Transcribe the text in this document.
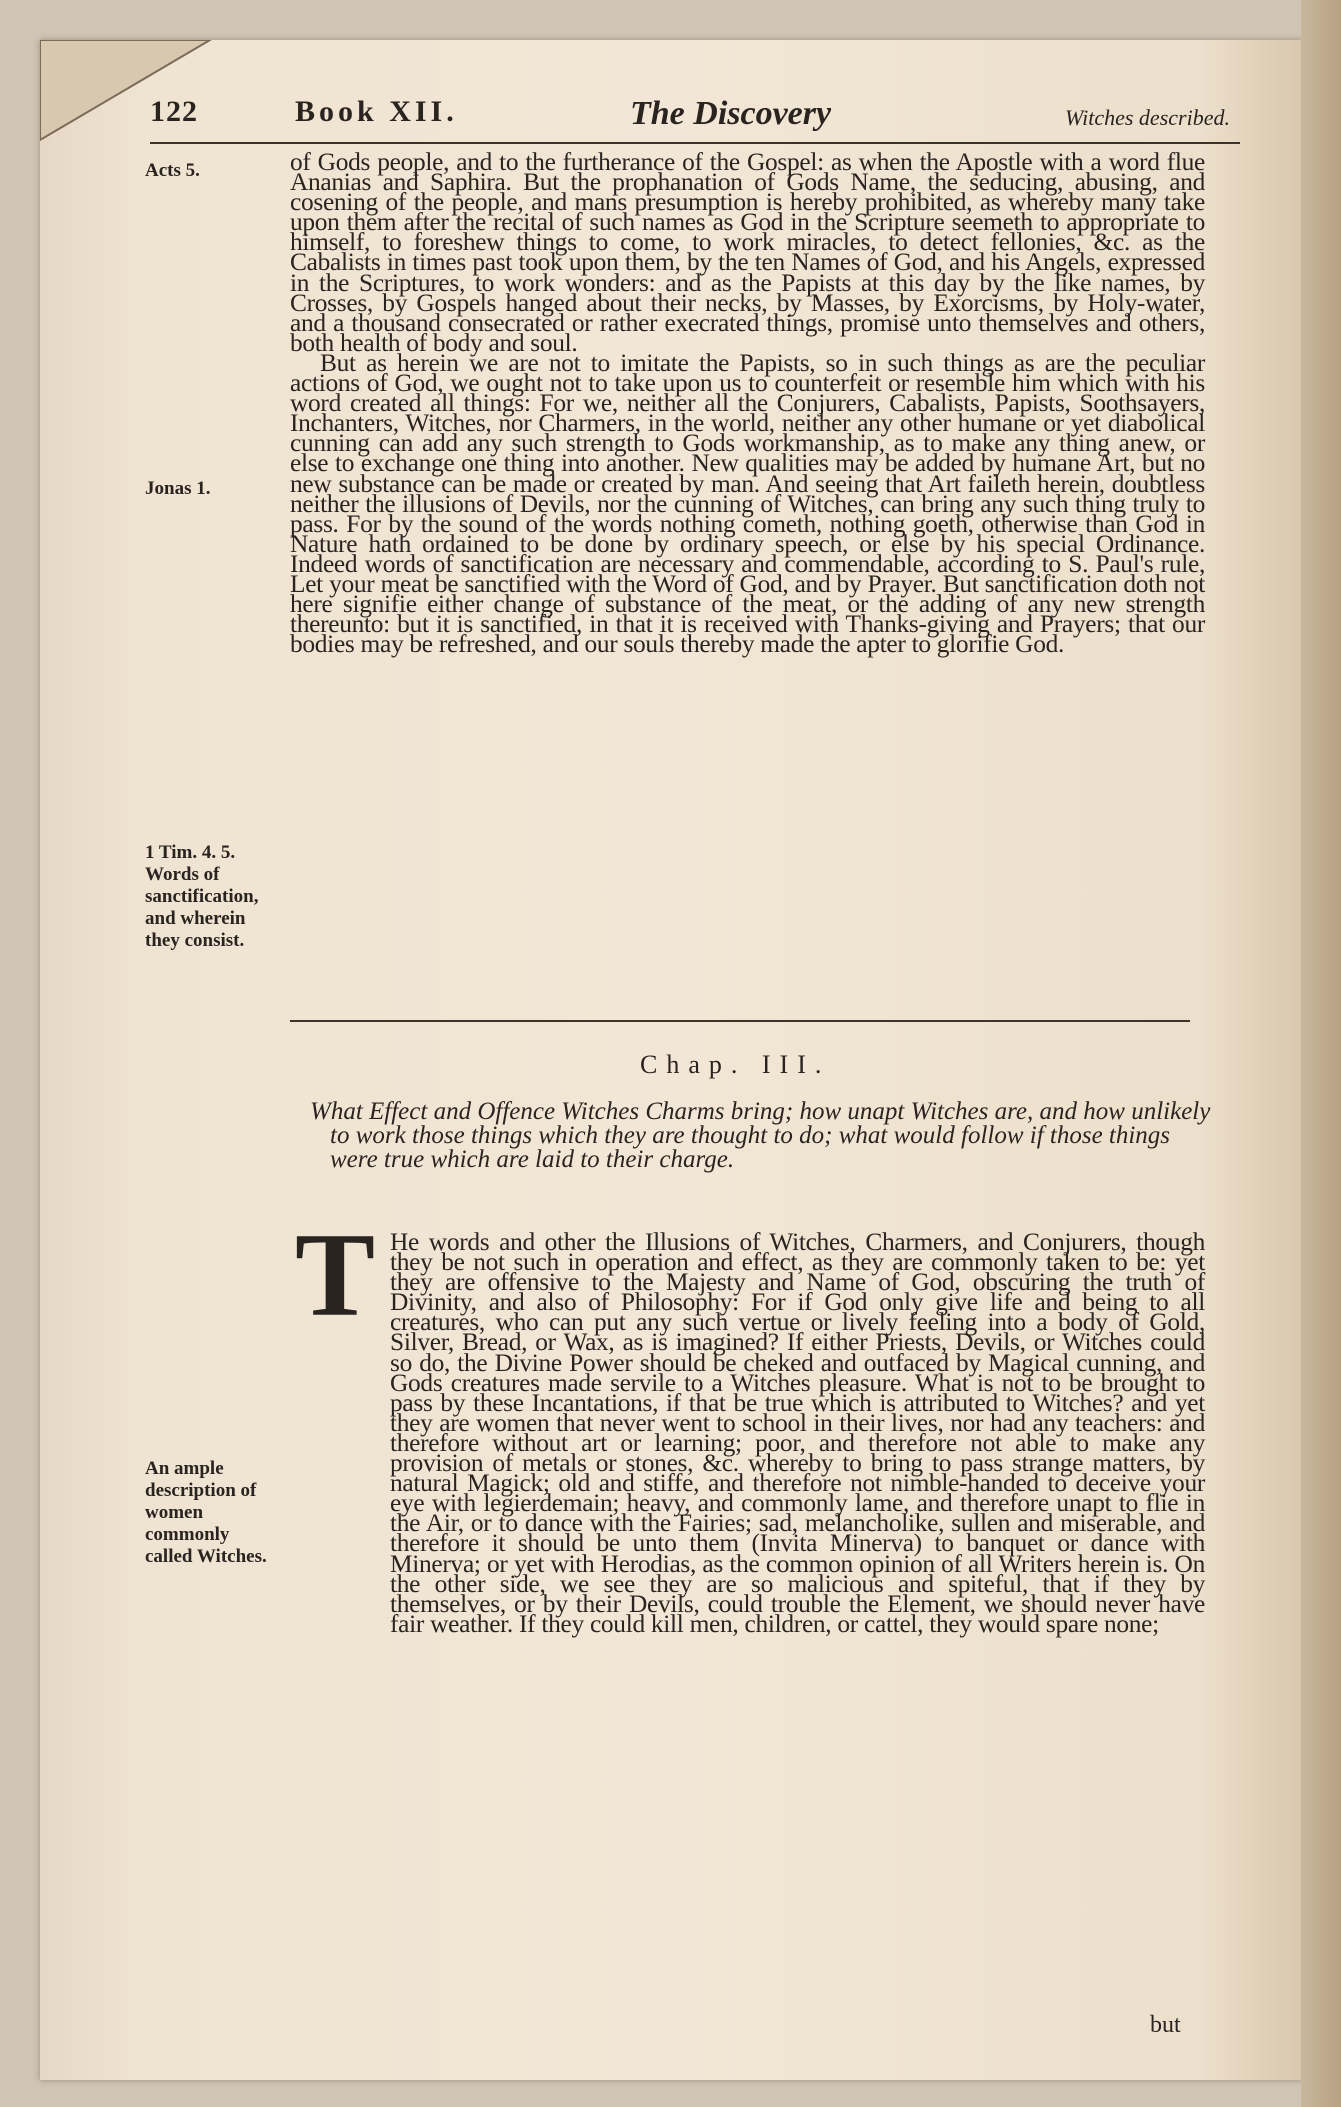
122	Book XII.	The Discovery	Witches described.
Acts 5.
Jonas 1.
1 Tim. 4. 5. Words of sanctification, and wherein they consist.
An ample description of women commonly called Witches.

of Gods people, and to the furtherance of the Gospel: as when the Apostle with a word flue Ananias and Saphira. But the prophanation of Gods Name, the seducing, abusing, and cosening of the people, and mans presumption is hereby prohibited, as whereby many take upon them after the recital of such names as God in the Scripture seemeth to appropriate to himself, to foreshew things to come, to work miracles, to detect fellonies, &c. as the Cabalists in times past took upon them, by the ten Names of God, and his Angels, expressed in the Scriptures, to work wonders: and as the Papists at this day by the like names, by Crosses, by Gospels hanged about their necks, by Masses, by Exorcisms, by Holy-water, and a thousand consecrated or rather execrated things, promise unto themselves and others, both health of body and soul.

But as herein we are not to imitate the Papists, so in such things as are the peculiar actions of God, we ought not to take upon us to counterfeit or resemble him which with his word created all things: For we, neither all the Conjurers, Cabalists, Papists, Soothsayers, Inchanters, Witches, nor Charmers, in the world, neither any other humane or yet diabolical cunning can add any such strength to Gods workmanship, as to make any thing anew, or else to exchange one thing into another. New qualities may be added by humane Art, but no new substance can be made or created by man. And seeing that Art faileth herein, doubtless neither the illusions of Devils, nor the cunning of Witches, can bring any such thing truly to pass. For by the sound of the words nothing cometh, nothing goeth, otherwise than God in Nature hath ordained to be done by ordinary speech, or else by his special Ordinance. Indeed words of sanctification are necessary and commendable, according to S. Paul's rule, Let your meat be sanctified with the Word of God, and by Prayer. But sanctification doth not here signifie either change of substance of the meat, or the adding of any new strength thereunto: but it is sanctified, in that it is received with Thanks-giving and Prayers; that our bodies may be refreshed, and our souls thereby made the apter to glorifie God.

Chap. III.
What Effect and Offence Witches Charms bring; how unapt Witches are, and how unlikely to work those things which they are thought to do; what would follow if those things were true which are laid to their charge.
T He words and other the Illusions of Witches, Charmers, and Conjurers, though they be not such in operation and effect, as they are commonly taken to be: yet they are offensive to the Majesty and Name of God, obscuring the truth of Divinity, and also of Philosophy: For if God only give life and being to all creatures, who can put any such vertue or lively feeling into a body of Gold, Silver, Bread, or Wax, as is imagined? If either Priests, Devils, or Witches could so do, the Divine Power should be cheked and outfaced by Magical cunning, and Gods creatures made servile to a Witches pleasure. What is not to be brought to pass by these Incantations, if that be true which is attributed to Witches? and yet they are women that never went to school in their lives, nor had any teachers: and therefore without art or learning; poor, and therefore not able to make any provision of metals or stones, &c. whereby to bring to pass strange matters, by natural Magick; old and stiffe, and therefore not nimble-handed to deceive your eye with legierdemain; heavy, and commonly lame, and therefore unapt to flie in the Air, or to dance with the Fairies; sad, melancholike, sullen and miserable, and therefore it should be unto them (Invita Minerva) to banquet or dance with Minerva; or yet with Herodias, as the common opinion of all Writers herein is. On the other side, we see they are so malicious and spiteful, that if they by themselves, or by their Devils, could trouble the Element, we should never have fair weather. If they could kill men, children, or cattel, they would spare none;

but
